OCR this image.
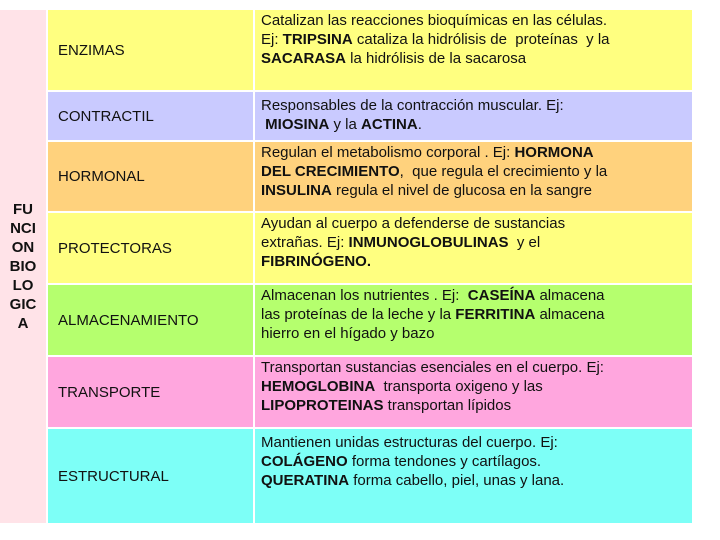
FU
NCI
ON
BIO
LO
GIC
A
ENZIMAS
Catalizan las reacciones bioquímicas en las células.
Ej: TRIPSINA cataliza la hidrólisis de  proteínas  y la
SACARASA la hidrólisis de la sacarosa
CONTRACTIL
Responsables de la contracción muscular. Ej:
MIOSINA y la ACTINA.
HORMONAL
Regulan el metabolismo corporal . Ej: HORMONA
DEL CRECIMIENTO,  que regula el crecimiento y la
INSULINA regula el nivel de glucosa en la sangre
PROTECTORAS
Ayudan al cuerpo a defenderse de sustancias
extrañas. Ej: INMUNOGLOBULINAS  y el
FIBRINÓGENO.
ALMACENAMIENTO
Almacenan los nutrientes . Ej:  CASEÍNA almacena
las proteínas de la leche y la FERRITINA almacena
hierro en el hígado y bazo
TRANSPORTE
Transportan sustancias esenciales en el cuerpo. Ej:
HEMOGLOBINA  transporta oxigeno y las
LIPOPROTEINAS transportan lípidos
ESTRUCTURAL
Mantienen unidas estructuras del cuerpo. Ej:
COLÁGENO forma tendones y cartílagos.
QUERATINA forma cabello, piel, unas y lana.
